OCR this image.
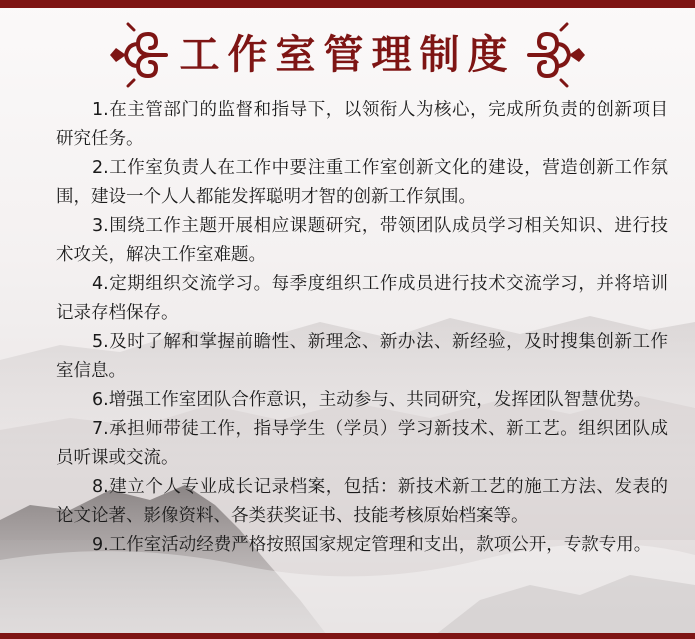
工作室管理制度

1.在主管部门的监督和指导下，以领衔人为核心，完成所负责的创新项目研究任务。

2.工作室负责人在工作中要注重工作室创新文化的建设，营造创新工作氛围，建设一个人人都能发挥聪明才智的创新工作氛围。

3.围绕工作主题开展相应课题研究，带领团队成员学习相关知识、进行技术攻关，解决工作室难题。

4.定期组织交流学习。每季度组织工作成员进行技术交流学习，并将培训记录存档保存。

5.及时了解和掌握前瞻性、新理念、新办法、新经验，及时搜集创新工作室信息。

6.增强工作室团队合作意识，主动参与、共同研究，发挥团队智慧优势。

7.承担师带徒工作，指导学生（学员）学习新技术、新工艺。组织团队成员听课或交流。

8.建立个人专业成长记录档案，包括：新技术新工艺的施工方法、发表的论文论著、影像资料、各类获奖证书、技能考核原始档案等。

9.工作室活动经费严格按照国家规定管理和支出，款项公开，专款专用。
